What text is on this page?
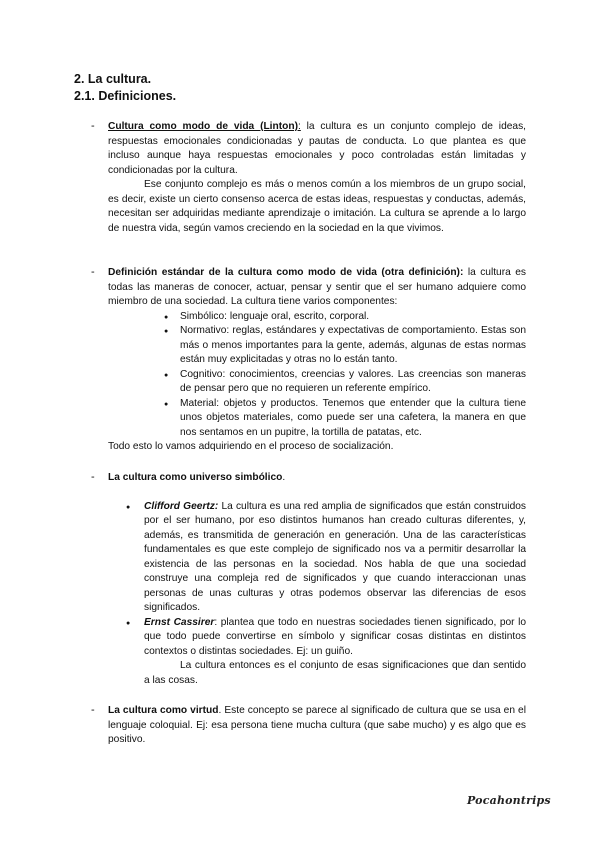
2. La cultura.
2.1. Definiciones.
- Cultura como modo de vida (Linton): la cultura es un conjunto complejo de ideas, respuestas emocionales condicionadas y pautas de conducta. Lo que plantea es que incluso aunque haya respuestas emocionales y poco controladas están limitadas y condicionadas por la cultura.

Ese conjunto complejo es más o menos común a los miembros de un grupo social, es decir, existe un cierto consenso acerca de estas ideas, respuestas y conductas, además, necesitan ser adquiridas mediante aprendizaje o imitación. La cultura se aprende a lo largo de nuestra vida, según vamos creciendo en la sociedad en la que vivimos.

- Definición estándar de la cultura como modo de vida (otra definición): la cultura es todas las maneras de conocer, actuar, pensar y sentir que el ser humano adquiere como miembro de una sociedad. La cultura tiene varios componentes:

● Simbólico: lenguaje oral, escrito, corporal.
● Normativo: reglas, estándares y expectativas de comportamiento. Estas son más o menos importantes para la gente, además, algunas de estas normas están muy explicitadas y otras no lo están tanto.
● Cognitivo: conocimientos, creencias y valores. Las creencias son maneras de pensar pero que no requieren un referente empírico.
● Material: objetos y productos. Tenemos que entender que la cultura tiene unos objetos materiales, como puede ser una cafetera, la manera en que nos sentamos en un pupitre, la tortilla de patatas, etc.

Todo esto lo vamos adquiriendo en el proceso de socialización.

- La cultura como universo simbólico.

● Clifford Geertz: La cultura es una red amplia de significados que están construidos por el ser humano, por eso distintos humanos han creado culturas diferentes, y, además, es transmitida de generación en generación. Una de las características fundamentales es que este complejo de significado nos va a permitir desarrollar la existencia de las personas en la sociedad. Nos habla de que una sociedad construye una compleja red de significados y que cuando interaccionan unas personas de unas culturas y otras podemos observar las diferencias de esos significados.
● Ernst Cassirer: plantea que todo en nuestras sociedades tienen significado, por lo que todo puede convertirse en símbolo y significar cosas distintas en distintos contextos o distintas sociedades. Ej: un guiño.

La cultura entonces es el conjunto de esas significaciones que dan sentido a las cosas.

- La cultura como virtud. Este concepto se parece al significado de cultura que se usa en el lenguaje coloquial. Ej: esa persona tiene mucha cultura (que sabe mucho) y es algo que es positivo.

Pocahontrips
